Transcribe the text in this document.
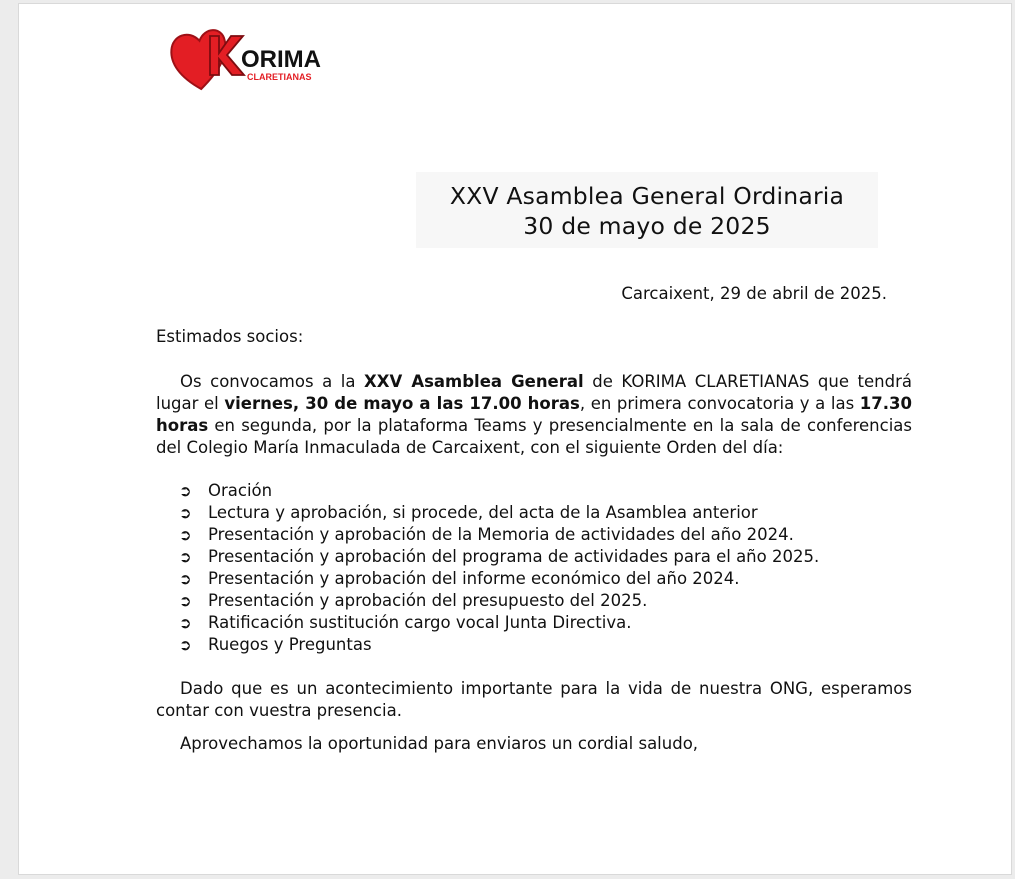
ORIMA
CLARETIANAS
XXV Asamblea General Ordinaria
30 de mayo de 2025
Carcaixent, 29 de abril de 2025.
Estimados socios:
Os convocamos a la XXV Asamblea General de KORIMA CLARETIANAS que tendrá lugar el viernes, 30 de mayo a las 17.00 horas, en primera convocatoria y a las 17.30 horas en segunda, por la plataforma Teams y presencialmente en la sala de conferencias del Colegio María Inmaculada de Carcaixent, con el siguiente Orden del día:
➲ Oración
➲ Lectura y aprobación, si procede, del acta de la Asamblea anterior
➲ Presentación y aprobación de la Memoria de actividades del año 2024.
➲ Presentación y aprobación del programa de actividades para el año 2025.
➲ Presentación y aprobación del informe económico del año 2024.
➲ Presentación y aprobación del presupuesto del 2025.
➲ Ratificación sustitución cargo vocal Junta Directiva.
➲ Ruegos y Preguntas
Dado que es un acontecimiento importante para la vida de nuestra ONG, esperamos contar con vuestra presencia.
Aprovechamos la oportunidad para enviaros un cordial saludo,
